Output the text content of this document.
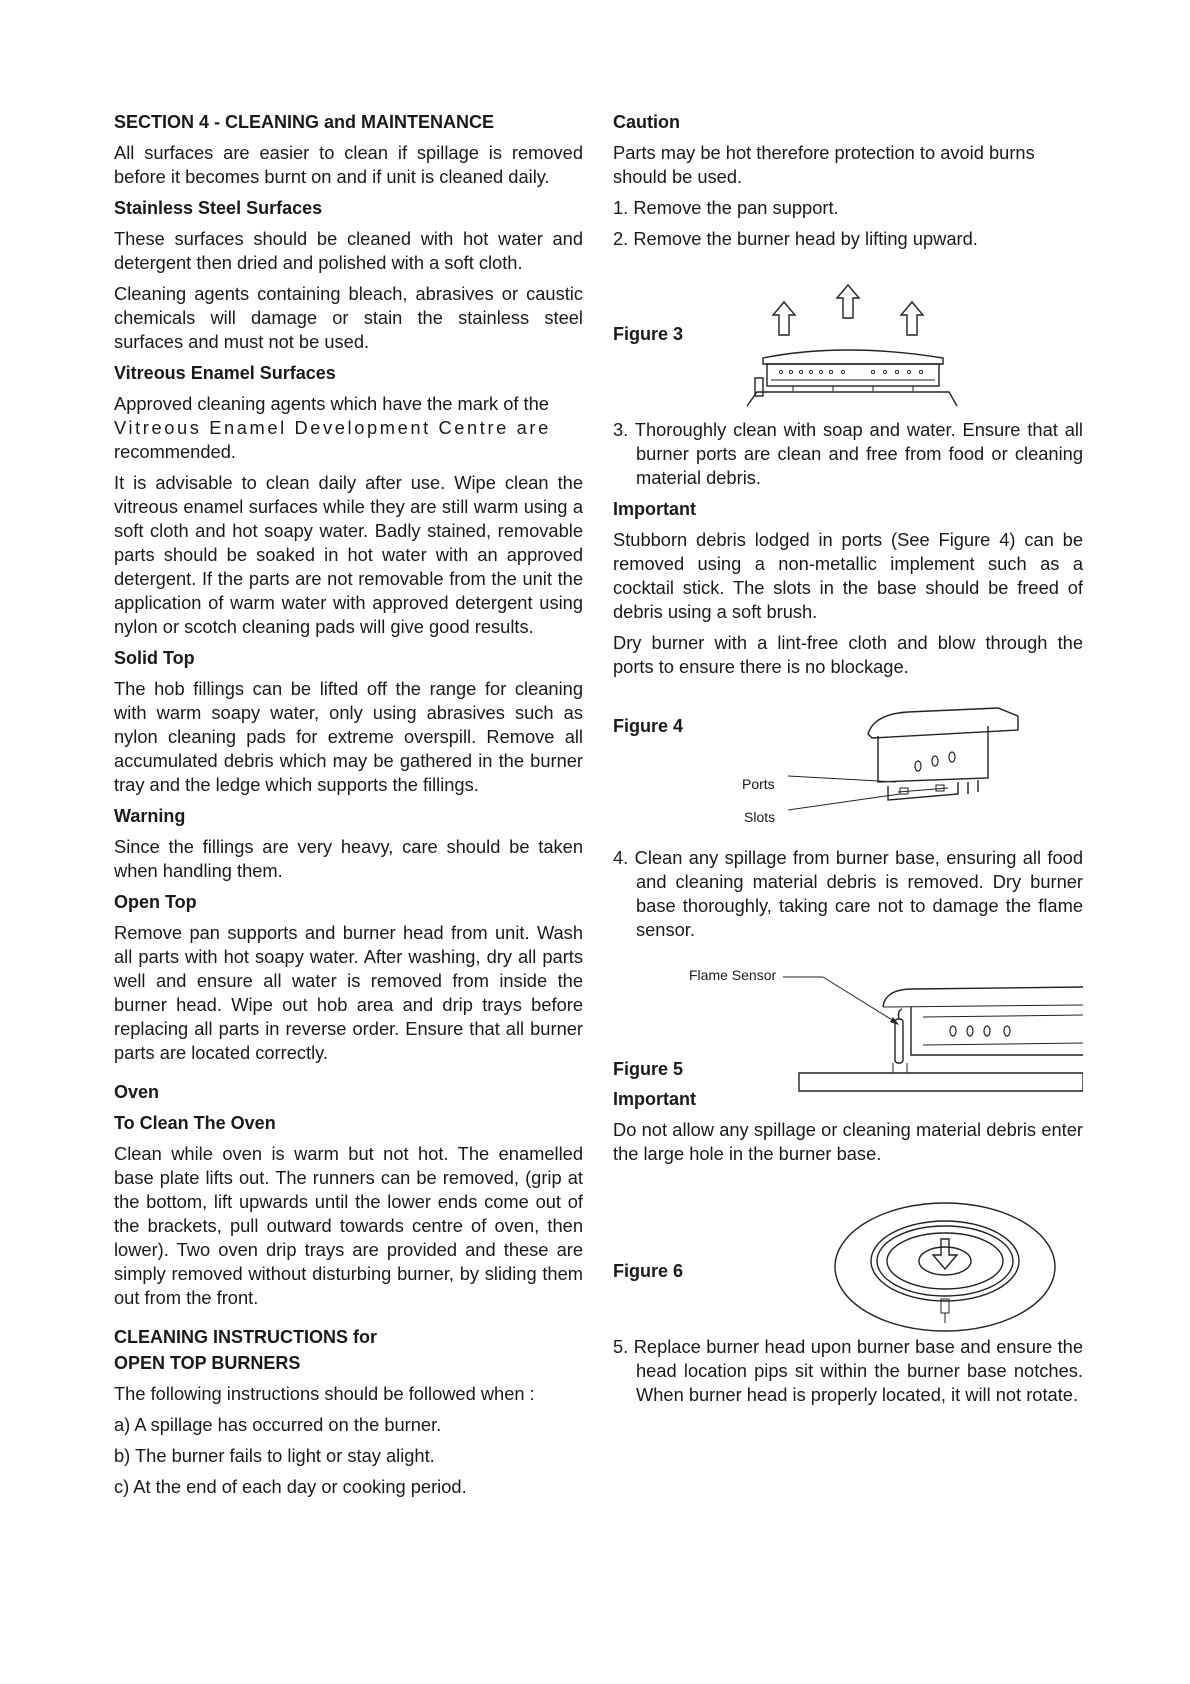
SECTION 4 - CLEANING and MAINTENANCE

All surfaces are easier to clean if spillage is removed before it becomes burnt on and if unit is cleaned daily.

Stainless Steel Surfaces

These surfaces should be cleaned with hot water and detergent then dried and polished with a soft cloth.

Cleaning agents containing bleach, abrasives or caustic chemicals will damage or stain the stainless steel surfaces and must not be used.

Vitreous Enamel Surfaces

Approved cleaning agents which have the mark of the
Vitreous Enamel Development Centre are
recommended.

It is advisable to clean daily after use. Wipe clean the vitreous enamel surfaces while they are still warm using a soft cloth and hot soapy water. Badly stained, removable parts should be soaked in hot water with an approved detergent. If the parts are not removable from the unit the application of warm water with approved detergent using nylon or scotch cleaning pads will give good results.

Solid Top

The hob fillings can be lifted off the range for cleaning with warm soapy water, only using abrasives such as nylon cleaning pads for extreme overspill. Remove all accumulated debris which may be gathered in the burner tray and the ledge which supports the fillings.

Warning

Since the fillings are very heavy, care should be taken when handling them.

Open Top

Remove pan supports and burner head from unit. Wash all parts with hot soapy water. After washing, dry all parts well and ensure all water is removed from inside the burner head. Wipe out hob area and drip trays before replacing all parts in reverse order. Ensure that all burner parts are located correctly.

Oven
To Clean The Oven

Clean while oven is warm but not hot. The enamelled base plate lifts out. The runners can be removed, (grip at the bottom, lift upwards until the lower ends come out of the brackets, pull outward towards centre of oven, then lower). Two oven drip trays are provided and these are simply removed without disturbing burner, by sliding them out from the front.

CLEANING INSTRUCTIONS for
OPEN TOP BURNERS

The following instructions should be followed when :

a) A spillage has occurred on the burner.

b) The burner fails to light or stay alight.

c) At the end of each day or cooking period.

Caution

Parts may be hot therefore protection to avoid burns should be used.

1. Remove the pan support.

2. Remove the burner head by lifting upward.

Figure 3

3. Thoroughly clean with soap and water. Ensure that all burner ports are clean and free from food or cleaning material debris.

Important

Stubborn debris lodged in ports (See Figure 4) can be removed using a non-metallic implement such as a cocktail stick. The slots in the base should be freed of debris using a soft brush.

Dry burner with a lint-free cloth and blow through the ports to ensure there is no blockage.

Figure 4
Ports
Slots

4. Clean any spillage from burner base, ensuring all food and cleaning material debris is removed. Dry burner base thoroughly, taking care not to damage the flame sensor.

Flame Sensor
Figure 5
Important

Do not allow any spillage or cleaning material debris enter the large hole in the burner base.

Figure 6

5. Replace burner head upon burner base and ensure the head location pips sit within the burner base notches. When burner head is properly located, it will not rotate.
